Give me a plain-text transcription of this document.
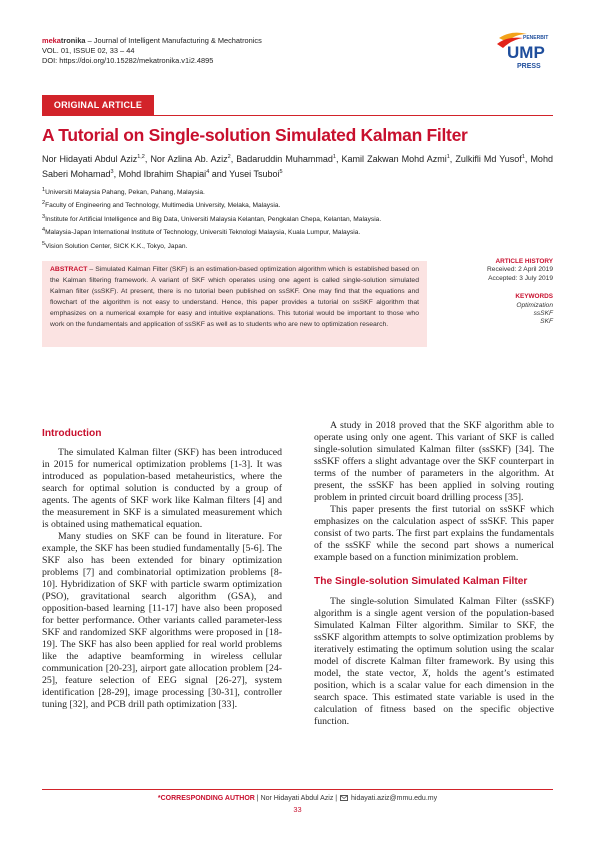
mekatronika – Journal of Intelligent Manufacturing & Mechatronics
VOL. 01, ISSUE 02, 33 – 44
DOI: https://doi.org/10.15282/mekatronika.v1i2.4895
PENERBIT
UMP
PRESS
ORIGINAL ARTICLE
A Tutorial on Single-solution Simulated Kalman Filter
Nor Hidayati Abdul Aziz$^{1,2}$, Nor Azlina Ab. Aziz$^2$, Badaruddin Muhammad$^1$, Kamil Zakwan Mohd Azmi$^1$, Zulkifli Md Yusof$^1$, Mohd Saberi Mohamad$^3$, Mohd Ibrahim Shapiai$^4$ and Yusei Tsuboi$^5$
$^1$Universiti Malaysia Pahang, Pekan, Pahang, Malaysia.
$^2$Faculty of Engineering and Technology, Multimedia University, Melaka, Malaysia.
$^3$Institute for Artificial Intelligence and Big Data, Universiti Malaysia Kelantan, Pengkalan Chepa, Kelantan, Malaysia.
$^4$Malaysia-Japan International Institute of Technology, Universiti Teknologi Malaysia, Kuala Lumpur, Malaysia.
$^5$Vision Solution Center, SICK K.K., Tokyo, Japan.
ABSTRACT – Simulated Kalman Filter (SKF) is an estimation-based optimization algorithm which is established based on the Kalman filtering framework. A variant of SKF which operates using one agent is called single-solution simulated Kalman filter (ssSKF). At present, there is no tutorial been published on ssSKF. One may find that the equations and flowchart of the algorithm is not easy to understand. Hence, this paper provides a tutorial on ssSKF algorithm that emphasizes on a numerical example for easy and intuitive explanations. This tutorial would be important to those who work on the fundamentals and application of ssSKF as well as to students who are new to optimization research.
ARTICLE HISTORY
Received: 2 April 2019
Accepted: 3 July 2019
KEYWORDS
Optimization
ssSKF
SKF
Introduction

The simulated Kalman filter (SKF) has been introduced in 2015 for numerical optimization problems [1-3]. It was introduced as population-based metaheuristics, where the search for optimal solution is conducted by a group of agents. The agents of SKF work like Kalman filters [4] and the measurement in SKF is a simulated measurement which is obtained using mathematical equation.

Many studies on SKF can be found in literature. For example, the SKF has been studied fundamentally [5-6]. The SKF also has been extended for binary optimization problems [7] and combinatorial optimization problems [8-10]. Hybridization of SKF with particle swarm optimization (PSO), gravitational search algorithm (GSA), and opposition-based learning [11-17] have also been proposed for better performance. Other variants called parameter-less SKF and randomized SKF algorithms were proposed in [18-19]. The SKF has also been applied for real world problems like the adaptive beamforming in wireless cellular communication [20-23], airport gate allocation problem [24-25], feature selection of EEG signal [26-27], system identification [28-29], image processing [30-31], controller tuning [32], and PCB drill path optimization [33].

A study in 2018 proved that the SKF algorithm able to operate using only one agent. This variant of SKF is called single-solution simulated Kalman filter (ssSKF) [34]. The ssSKF offers a slight advantage over the SKF counterpart in terms of the number of parameters in the algorithm. At present, the ssSKF has been applied in solving routing problem in printed circuit board drilling process [35].

This paper presents the first tutorial on ssSKF which emphasizes on the calculation aspect of ssSKF. This paper consist of two parts. The first part explains the fundamentals of the ssSKF while the second part shows a numerical example based on a function minimization problem.

The Single-solution Simulated Kalman Filter

The single-solution Simulated Kalman Filter (ssSKF) algorithm is a single agent version of the population-based Simulated Kalman Filter algorithm. Similar to SKF, the ssSKF algorithm attempts to solve optimization problems by iteratively estimating the optimum solution using the scalar model of discrete Kalman filter framework. By using this model, the state vector, X, holds the agent’s estimated position, which is a scalar value for each dimension in the search space. This estimated state variable is used in the calculation of fitness based on the specific objective function.

*CORRESPONDING AUTHOR | Nor Hidayati Abdul Aziz |
hidayati.aziz@mmu.edu.my
33
